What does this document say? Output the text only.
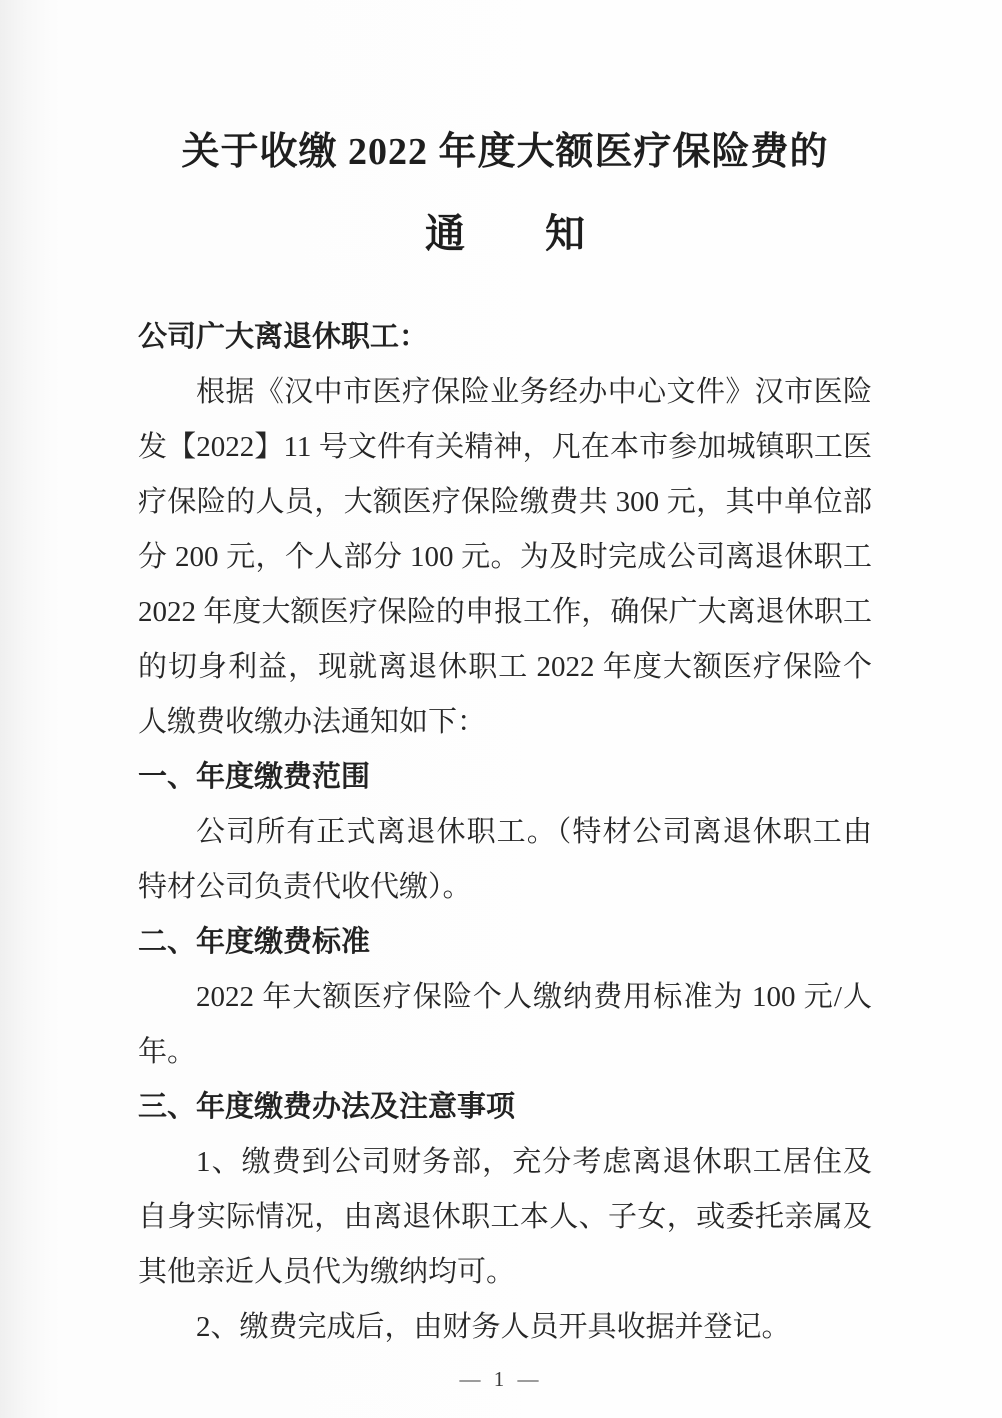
关于收缴 2022 年度大额医疗保险费的
通　　知

公司广大离退休职工：

根据《汉中市医疗保险业务经办中心文件》汉市医险发【2022】11 号文件有关精神，凡在本市参加城镇职工医疗保险的人员，大额医疗保险缴费共 300 元，其中单位部分 200 元，个人部分 100 元。为及时完成公司离退休职工 2022 年度大额医疗保险的申报工作，确保广大离退休职工的切身利益，现就离退休职工 2022 年度大额医疗保险个人缴费收缴办法通知如下：

一、年度缴费范围

公司所有正式离退休职工。（特材公司离退休职工由特材公司负责代收代缴）。

二、年度缴费标准

2022 年大额医疗保险个人缴纳费用标准为 100 元/人年。

三、年度缴费办法及注意事项

1、缴费到公司财务部，充分考虑离退休职工居住及自身实际情况，由离退休职工本人、子女，或委托亲属及其他亲近人员代为缴纳均可。

2、缴费完成后，由财务人员开具收据并登记。

— 1 —
